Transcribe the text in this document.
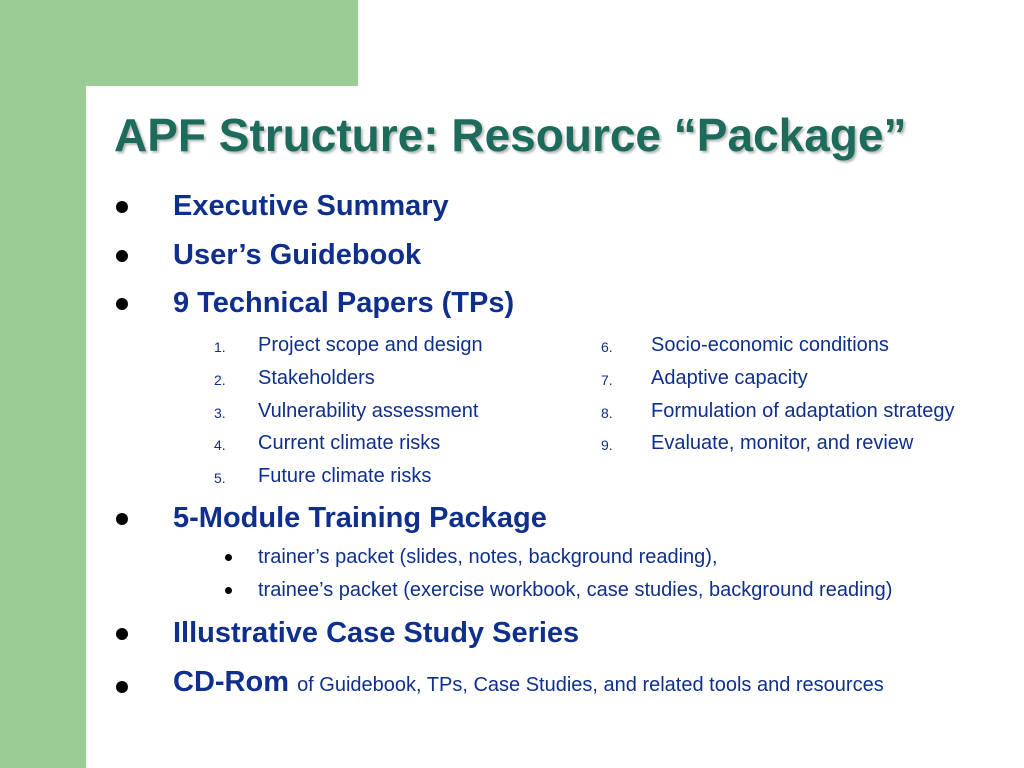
APF Structure: Resource “Package”
Executive Summary
User’s Guidebook
9 Technical Papers (TPs)
1. Project scope and design
2. Stakeholders
3. Vulnerability assessment
4. Current climate risks
5. Future climate risks
6. Socio-economic conditions
7. Adaptive capacity
8. Formulation of adaptation strategy
9. Evaluate, monitor, and review
5-Module Training Package
trainer’s packet (slides, notes, background reading),
trainee’s packet (exercise workbook, case studies, background reading)
Illustrative Case Study Series
CD-Rom of Guidebook, TPs, Case Studies, and related tools and resources
